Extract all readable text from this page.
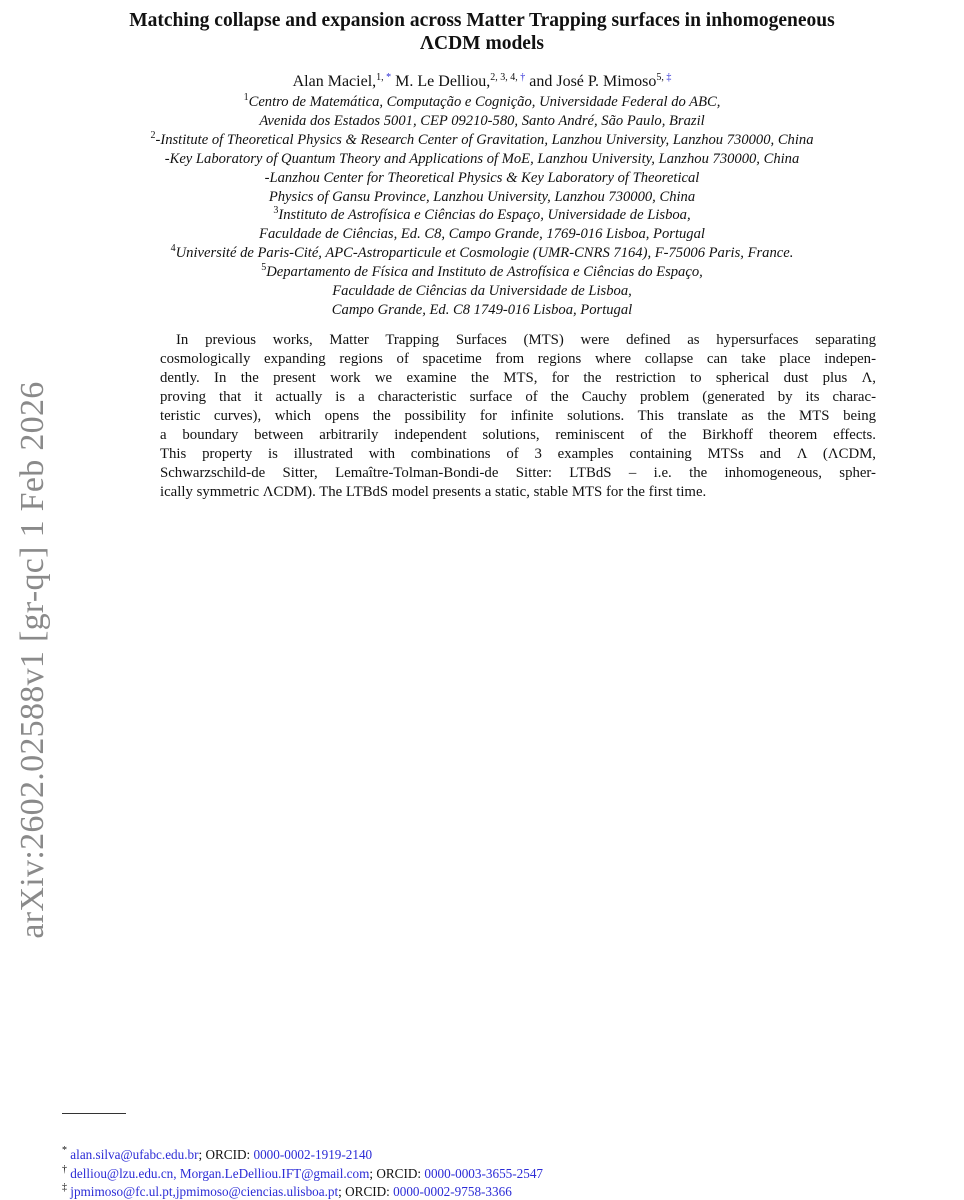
arXiv:2602.02588v1 [gr-qc] 1 Feb 2026
Matching collapse and expansion across Matter Trapping surfaces in inhomogeneous
ΛCDM models
Alan Maciel,$^{1, *}$ M. Le Delliou,$^{2, 3, 4, \dagger}$ and José P. Mimoso$^{5, \ddagger}$
$^1$Centro de Matemática, Computação e Cognição, Universidade Federal do ABC,
Avenida dos Estados 5001, CEP 09210-580, Santo André, São Paulo, Brazil
$^2$-Institute of Theoretical Physics & Research Center of Gravitation, Lanzhou University, Lanzhou 730000, China
-Key Laboratory of Quantum Theory and Applications of MoE, Lanzhou University, Lanzhou 730000, China
-Lanzhou Center for Theoretical Physics & Key Laboratory of Theoretical
Physics of Gansu Province, Lanzhou University, Lanzhou 730000, China
$^3$Instituto de Astrofísica e Ciências do Espaço, Universidade de Lisboa,
Faculdade de Ciências, Ed. C8, Campo Grande, 1769-016 Lisboa, Portugal
$^4$Université de Paris-Cité, APC-Astroparticule et Cosmologie (UMR-CNRS 7164), F-75006 Paris, France.
$^5$Departamento de Física and Instituto de Astrofísica e Ciências do Espaço,
Faculdade de Ciências da Universidade de Lisboa,
Campo Grande, Ed. C8 1749-016 Lisboa, Portugal
In previous works, Matter Trapping Surfaces (MTS) were defined as hypersurfaces separating
cosmologically expanding regions of spacetime from regions where collapse can take place indepen-
dently. In the present work we examine the MTS, for the restriction to spherical dust plus Λ,
proving that it actually is a characteristic surface of the Cauchy problem (generated by its charac-
teristic curves), which opens the possibility for infinite solutions. This translate as the MTS being
a boundary between arbitrarily independent solutions, reminiscent of the Birkhoff theorem effects.
This property is illustrated with combinations of 3 examples containing MTSs and Λ (ΛCDM,
Schwarzschild-de Sitter, Lemaître-Tolman-Bondi-de Sitter: LTBdS – i.e. the inhomogeneous, spher-
ically symmetric ΛCDM). The LTBdS model presents a static, stable MTS for the first time.
* alan.silva@ufabc.edu.br; ORCID: 0000-0002-1919-2140
† delliou@lzu.edu.cn, Morgan.LeDelliou.IFT@gmail.com; ORCID: 0000-0003-3655-2547
‡ jpmimoso@fc.ul.pt,jpmimoso@ciencias.ulisboa.pt; ORCID: 0000-0002-9758-3366
